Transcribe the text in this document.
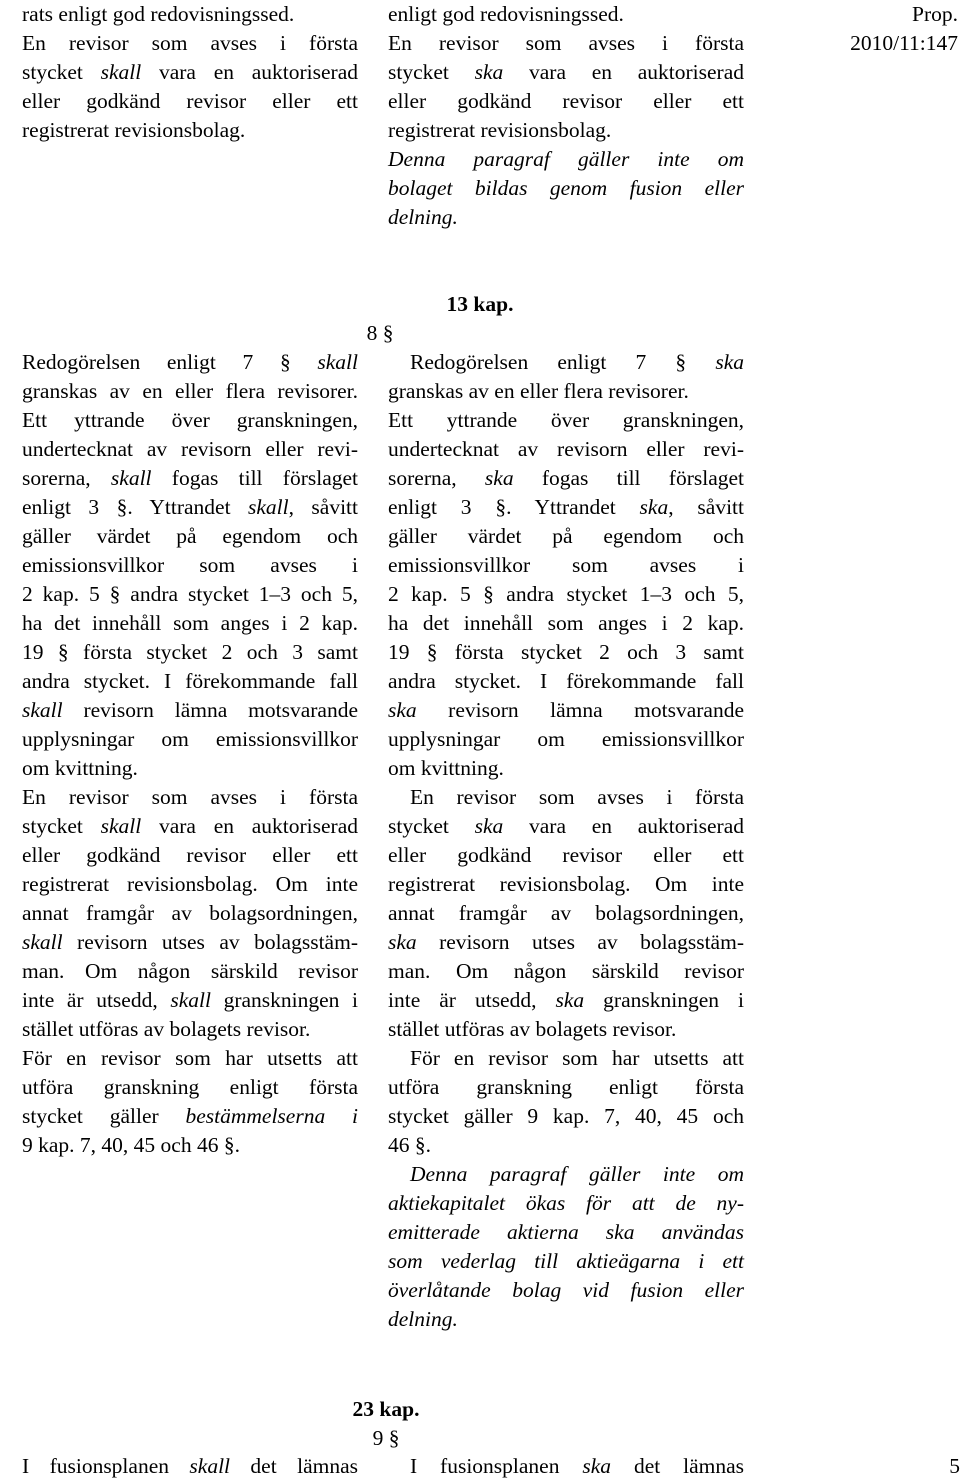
Prop. 2010/11:147
rats enligt god redovisningssed.
En revisor som avses i första
stycket skall vara en auktoriserad
eller godkänd revisor eller ett
registrerat revisionsbolag.
enligt god redovisningssed.
En revisor som avses i första
stycket ska vara en auktoriserad
eller godkänd revisor eller ett
registrerat revisionsbolag.
Denna paragraf gäller inte om
bolaget bildas genom fusion eller
delning.
13 kap.
8 §
Redogörelsen enligt 7 § skall
granskas av en eller flera revisorer.
Ett yttrande över granskningen,
undertecknat av revisorn eller revi-
sorerna, skall fogas till förslaget
enligt 3 §. Yttrandet skall, såvitt
gäller värdet på egendom och
emissionsvillkor som avses i
2 kap. 5 § andra stycket 1–3 och 5,
ha det innehåll som anges i 2 kap.
19 § första stycket 2 och 3 samt
andra stycket. I förekommande fall
skall revisorn lämna motsvarande
upplysningar om emissionsvillkor
om kvittning.
En revisor som avses i första
stycket skall vara en auktoriserad
eller godkänd revisor eller ett
registrerat revisionsbolag. Om inte
annat framgår av bolagsordningen,
skall revisorn utses av bolagsstäm-
man. Om någon särskild revisor
inte är utsedd, skall granskningen i
stället utföras av bolagets revisor.
För en revisor som har utsetts att
utföra granskning enligt första
stycket gäller bestämmelserna i
9 kap. 7, 40, 45 och 46 §.
Redogörelsen enligt 7 § ska
granskas av en eller flera revisorer.
Ett yttrande över granskningen,
undertecknat av revisorn eller revi-
sorerna, ska fogas till förslaget
enligt 3 §. Yttrandet ska, såvitt
gäller värdet på egendom och
emissionsvillkor som avses i
2 kap. 5 § andra stycket 1–3 och 5,
ha det innehåll som anges i 2 kap.
19 § första stycket 2 och 3 samt
andra stycket. I förekommande fall
ska revisorn lämna motsvarande
upplysningar om emissionsvillkor
om kvittning.
En revisor som avses i första
stycket ska vara en auktoriserad
eller godkänd revisor eller ett
registrerat revisionsbolag. Om inte
annat framgår av bolagsordningen,
ska revisorn utses av bolagsstäm-
man. Om någon särskild revisor
inte är utsedd, ska granskningen i
stället utföras av bolagets revisor.
För en revisor som har utsetts att
utföra granskning enligt första
stycket gäller 9 kap. 7, 40, 45 och
46 §.
Denna paragraf gäller inte om
aktiekapitalet ökas för att de ny-
emitterade aktierna ska användas
som vederlag till aktieägarna i ett
överlåtande bolag vid fusion eller
delning.
23 kap.
9 §
I fusionsplanen skall det lämnas	I fusionsplanen ska det lämnas	5
